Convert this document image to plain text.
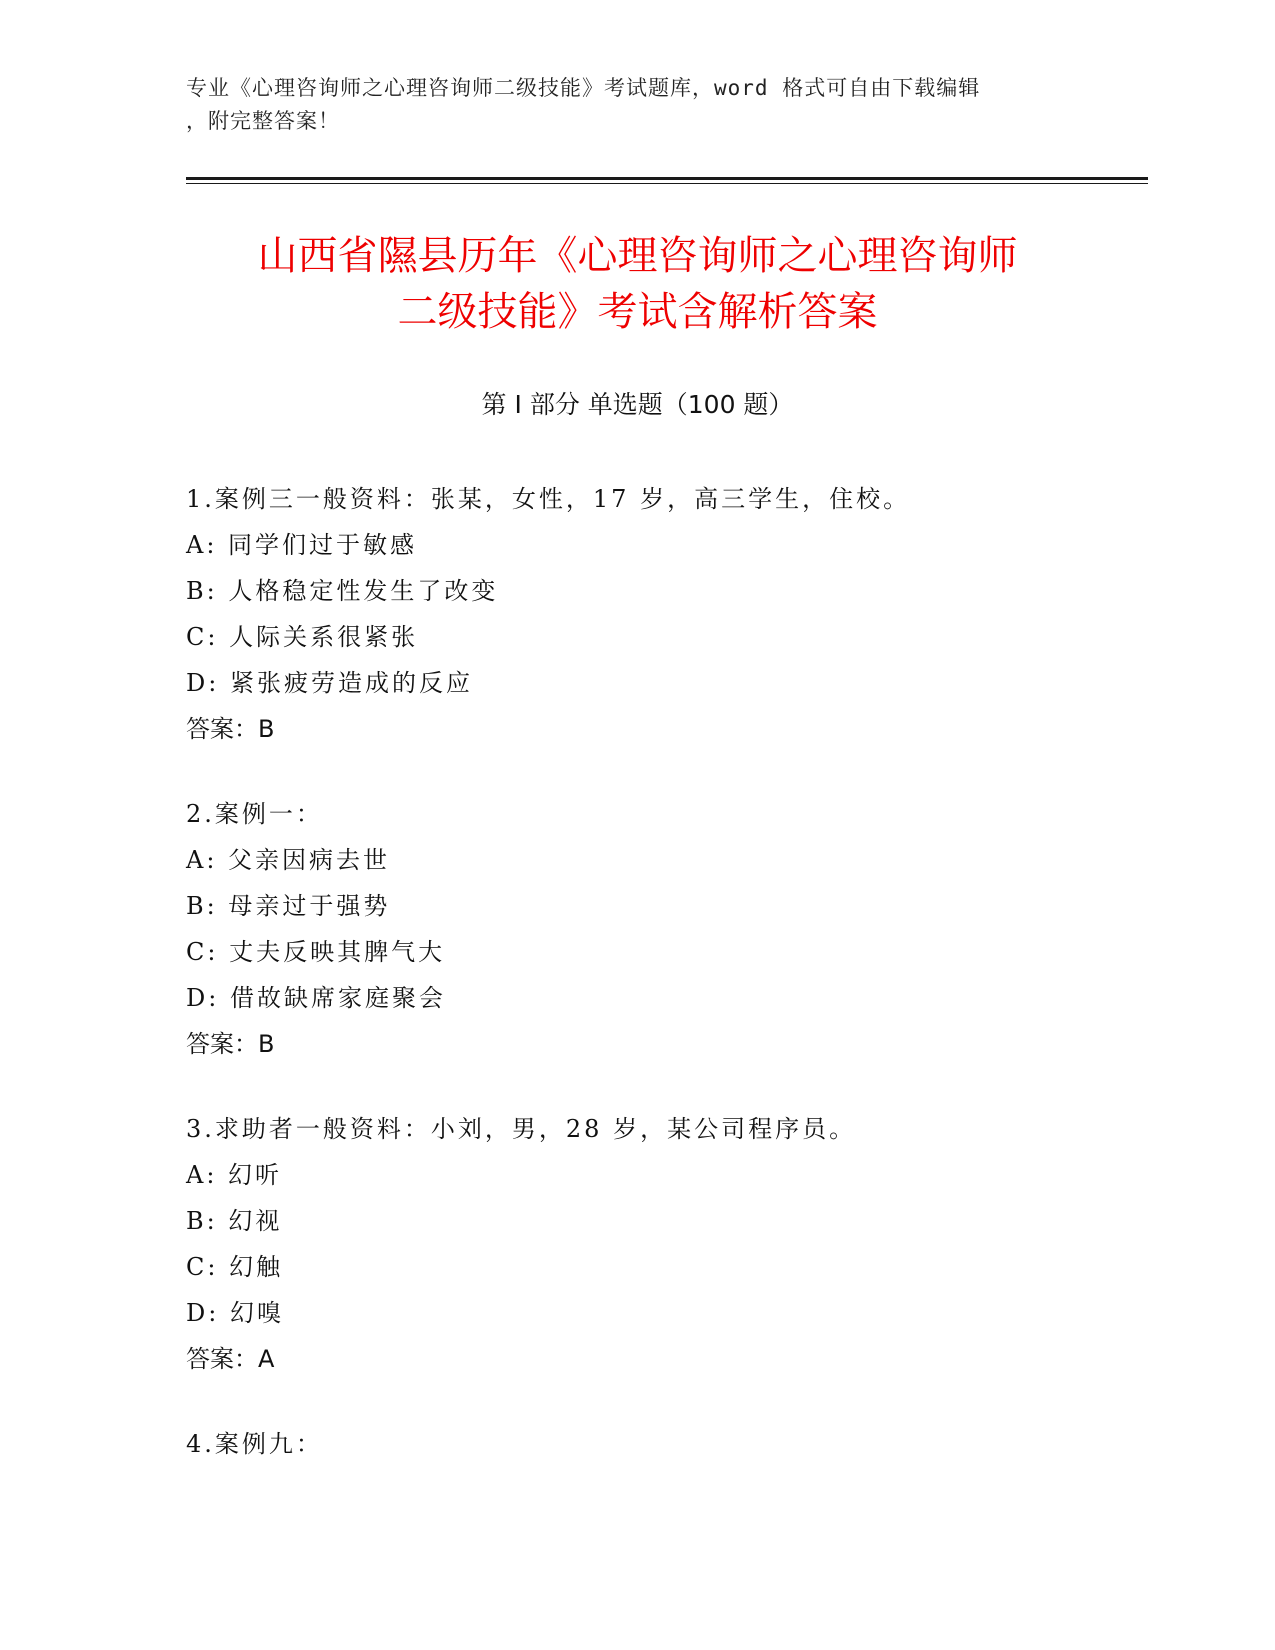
专业《心理咨询师之心理咨询师二级技能》考试题库，word 格式可自由下载编辑
，附完整答案！
山西省隰县历年《心理咨询师之心理咨询师
二级技能》考试含解析答案
第 I 部分 单选题（100 题）
1.案例三一般资料：张某，女性，17 岁，高三学生，住校。
A: 同学们过于敏感
B: 人格稳定性发生了改变
C: 人际关系很紧张
D: 紧张疲劳造成的反应
答案：B
2.案例一：
A: 父亲因病去世
B: 母亲过于强势
C: 丈夫反映其脾气大
D: 借故缺席家庭聚会
答案：B
3.求助者一般资料：小刘，男，28 岁，某公司程序员。
A: 幻听
B: 幻视
C: 幻触
D: 幻嗅
答案：A
4.案例九：
